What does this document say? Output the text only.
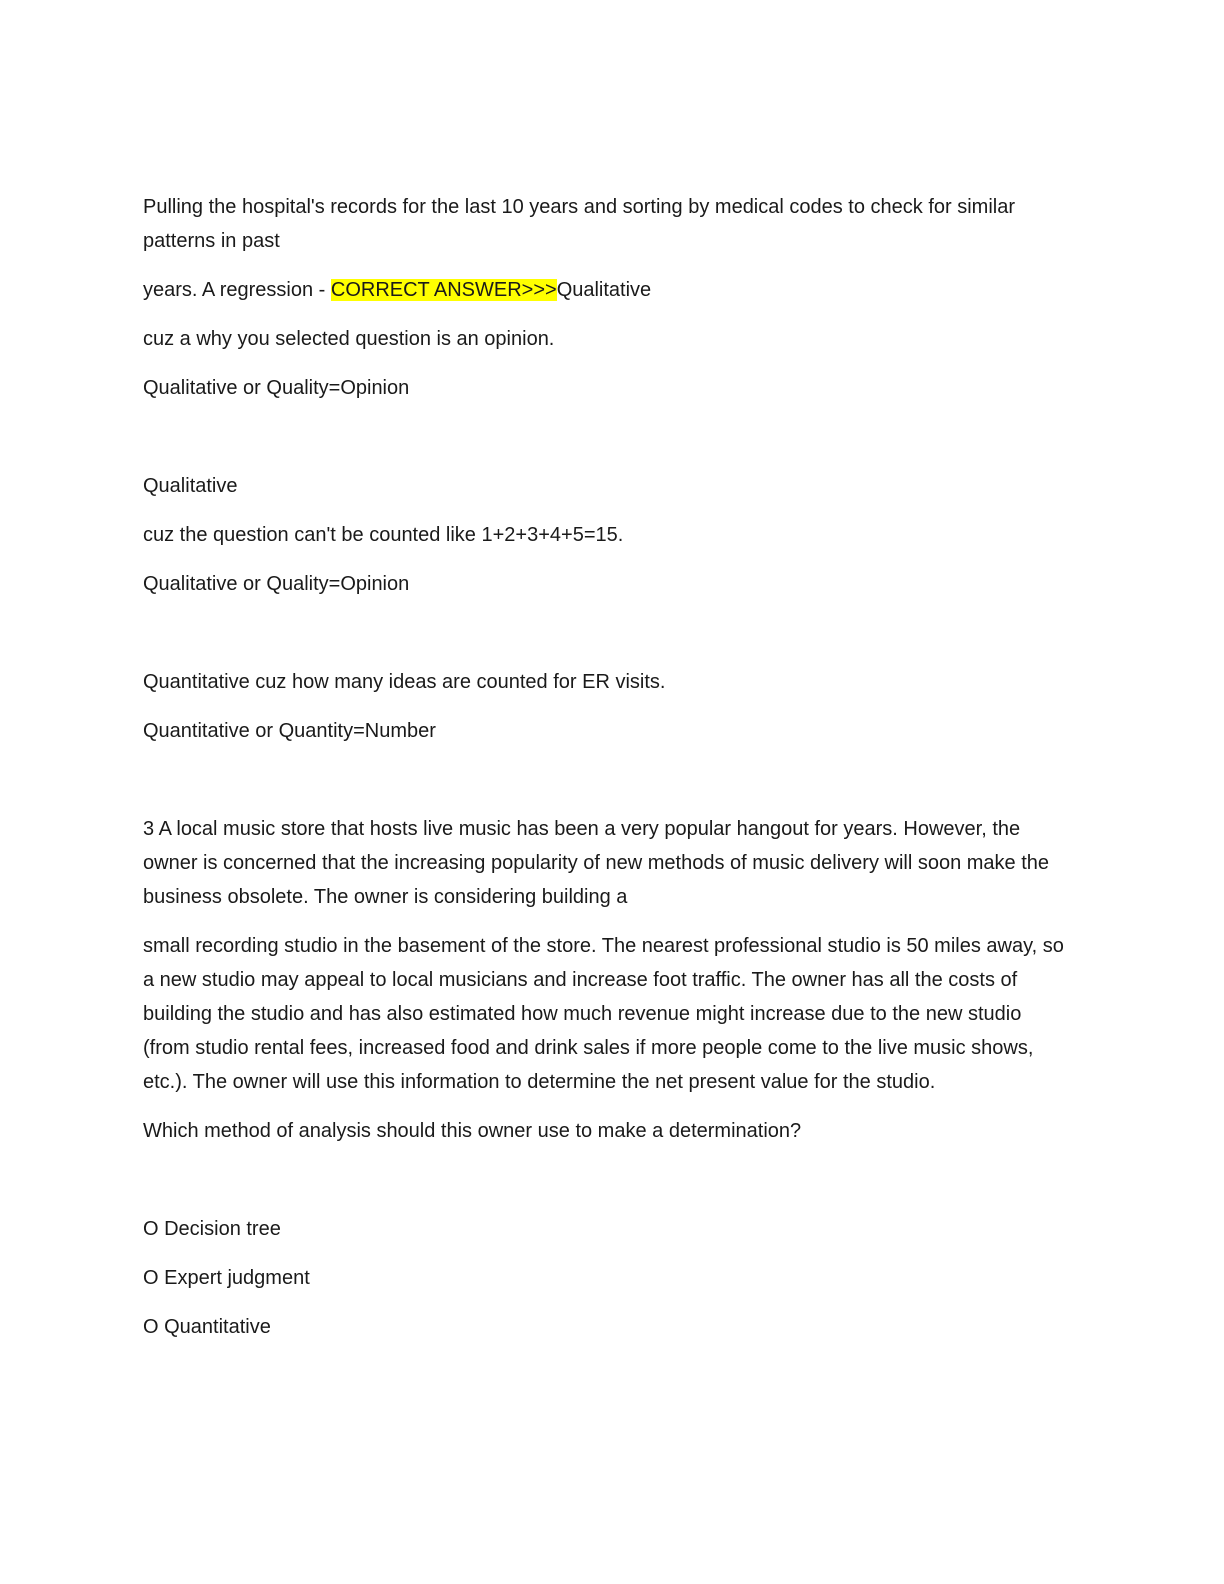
Pulling the hospital's records for the last 10 years and sorting by medical codes to check for similar patterns in past

years. A regression - CORRECT ANSWER>>>Qualitative

cuz a why you selected question is an opinion.

Qualitative or Quality=Opinion

Qualitative

cuz the question can't be counted like 1+2+3+4+5=15.

Qualitative or Quality=Opinion

Quantitative cuz how many ideas are counted for ER visits.

Quantitative or Quantity=Number

3 A local music store that hosts live music has been a very popular hangout for years. However, the owner is concerned that the increasing popularity of new methods of music delivery will soon make the business obsolete. The owner is considering building a

small recording studio in the basement of the store. The nearest professional studio is 50 miles away, so a new studio may appeal to local musicians and increase foot traffic. The owner has all the costs of building the studio and has also estimated how much revenue might increase due to the new studio (from studio rental fees, increased food and drink sales if more people come to the live music shows, etc.). The owner will use this information to determine the net present value for the studio.

Which method of analysis should this owner use to make a determination?

O Decision tree

O Expert judgment

O Quantitative
